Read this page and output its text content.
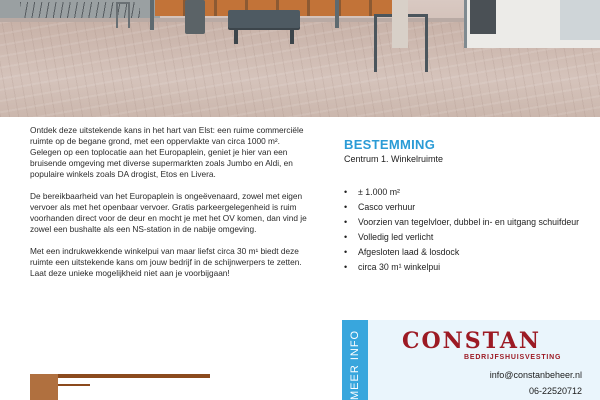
Ontdek deze uitstekende kans in het hart van Elst: een ruime commerciële ruimte op de begane grond, met een oppervlakte van circa 1000 m². Gelegen op een toplocatie aan het Europaplein, geniet je hier van een bruisende omgeving met diverse supermarkten zoals Jumbo en Aldi, en populaire winkels zoals DA drogist, Etos en Livera.

De bereikbaarheid van het Europaplein is ongeëvenaard, zowel met eigen vervoer als met het openbaar vervoer. Gratis parkeergelegenheid is ruim voorhanden direct voor de deur en mocht je met het OV komen, dan vind je zowel een bushalte als een NS-station in de nabije omgeving.

Met een indrukwekkende winkelpui van maar liefst circa 30 m¹ biedt deze ruimte een uitstekende kans om jouw bedrijf in de schijnwerpers te zetten. Laat deze unieke mogelijkheid niet aan je voorbijgaan!

BESTEMMING
Centrum 1. Winkelruimte
• ± 1.000 m²
• Casco verhuur
• Voorzien van tegelvloer, dubbel in- en uitgang schuifdeur
• Volledig led verlicht
• Afgesloten laad & losdock
• circa 30 m¹ winkelpui
MEER INFO CONSTAN
BEDRIJFSHUISVESTING
info@constanbeheer.nl
06-22520712
